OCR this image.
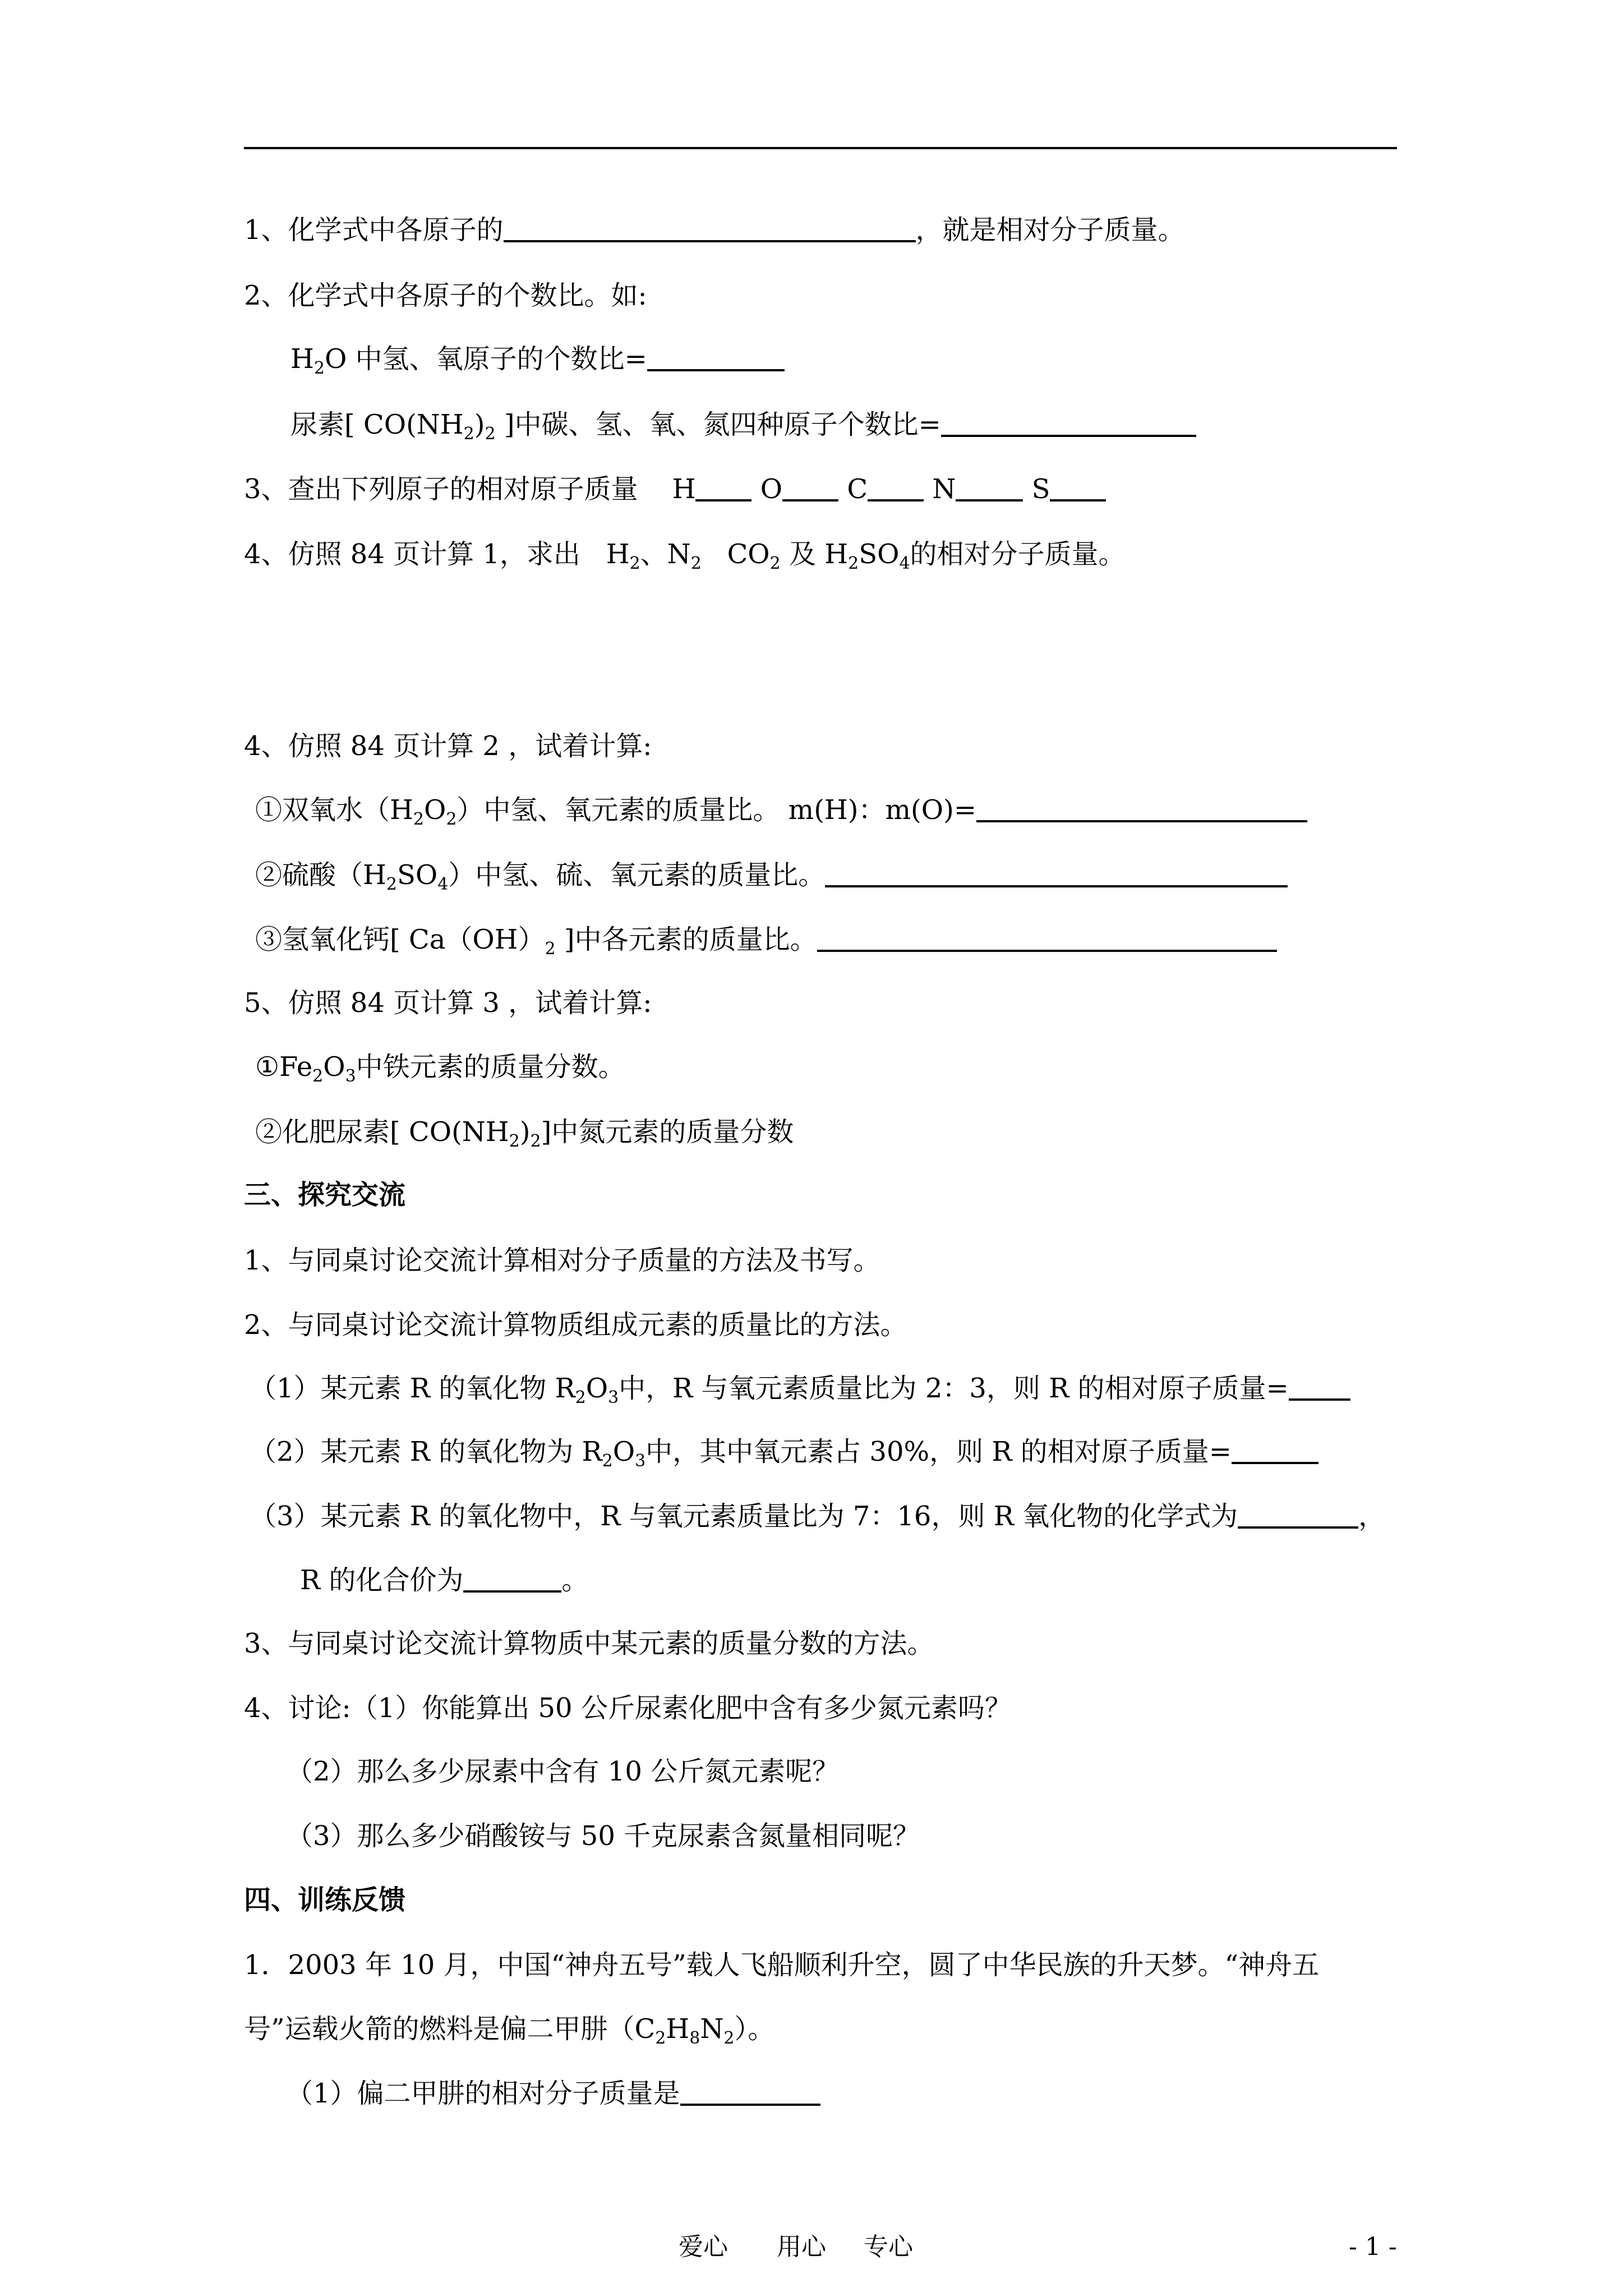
1、化学式中各原子的	，就是相对分子质量。
2、化学式中各原子的个数比。如:
$H_2O$ 中氢、氧原子的个数比=
尿素[ $CO(NH_2)_2$ ]中碳、氢、氧、氮四种原子个数比=
3、查出下列原子的相对原子质量 H O C N	S
4、仿照 84 页计算 1，求出 $H_2$、$N_2$ $CO_2$ 及 $H_2SO_4$的相对分子质量。
4、仿照 84 页计算 2 ，试着计算:
①双氧水$(H_2O_2)$中氢、氧元素的质量比。 m(H)：m(O)=
②硫酸$(H_2SO_4)$中氢、硫、氧元素的质量比。
③氢氧化钙[ $Ca(OH)_2$ ]中各元素的质量比。
5、仿照 84 页计算 3 ，试着计算:
$①Fe_2O_3$中铁元素的质量分数。
②化肥尿素[ $CO(NH_2)_2$]中氮元素的质量分数
三、探究交流
1、与同桌讨论交流计算相对分子质量的方法及书写。
2、与同桌讨论交流计算物质组成元素的质量比的方法。
（1）某元素 R 的氧化物 $R_2O_3$中，R 与氧元素质量比为 2：3，则 R 的相对原子质量=
（2）某元素 R 的氧化物为 $R_2O_3$中，其中氧元素占 30%，则 R 的相对原子质量=
（3）某元素 R 的氧化物中，R 与氧元素质量比为 7：16，则 R 氧化物的化学式为	，
R 的化合价为	。
3、与同桌讨论交流计算物质中某元素的质量分数的方法。
4、讨论:（1）你能算出 50 公斤尿素化肥中含有多少氮元素吗？
（2）那么多少尿素中含有 10 公斤氮元素呢？
（3）那么多少硝酸铵与 50 千克尿素含氮量相同呢？
四、训练反馈
1．2003 年 10 月，中国“神舟五号”载人飞船顺利升空，圆了中华民族的升天梦。“神舟五
号”运载火箭的燃料是偏二甲肼$(C_2H_8N_2)$。
（1）偏二甲肼的相对分子质量是
爱心 用心 专心	- 1 -
